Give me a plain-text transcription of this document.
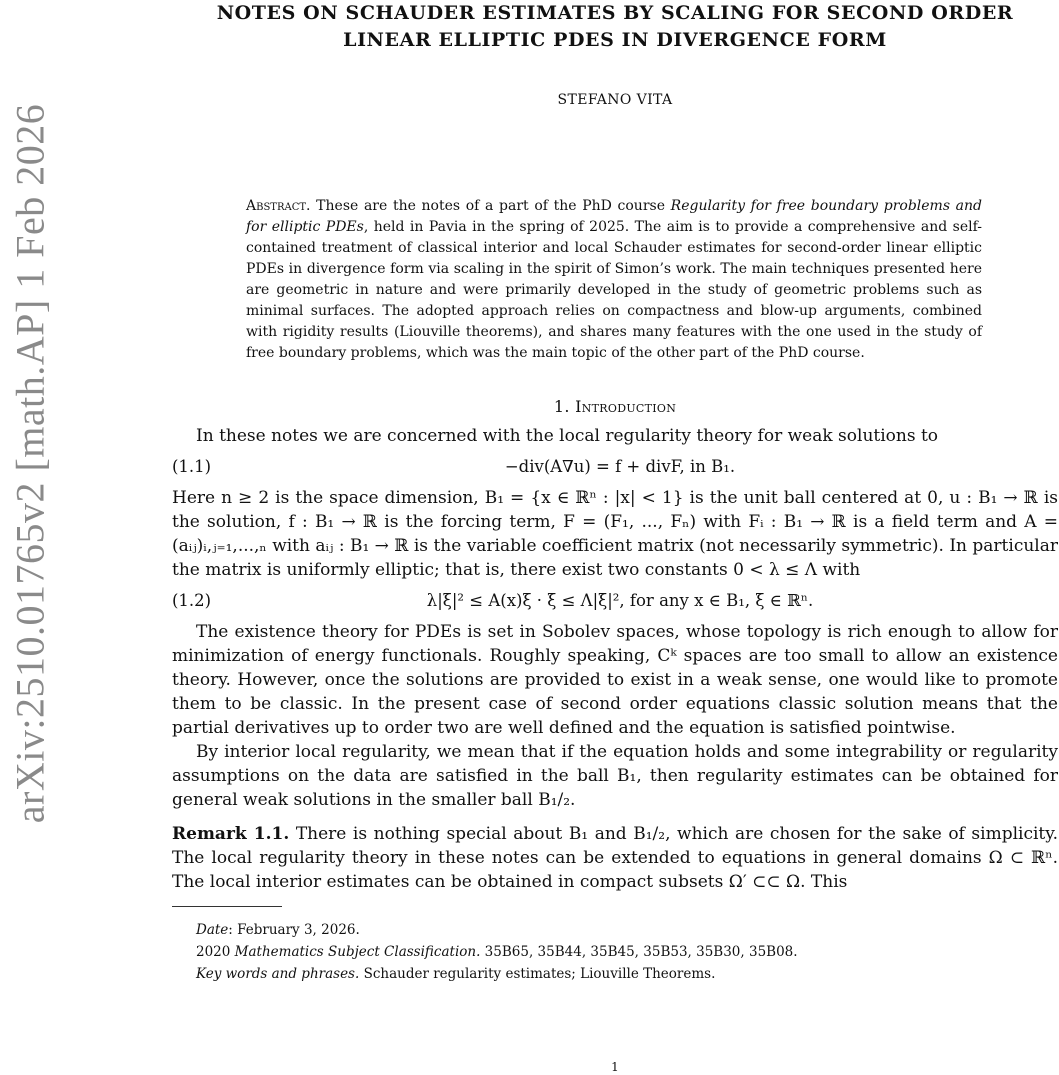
arXiv:2510.01765v2 [math.AP] 1 Feb 2026
NOTES ON SCHAUDER ESTIMATES BY SCALING FOR SECOND ORDER
LINEAR ELLIPTIC PDES IN DIVERGENCE FORM
STEFANO VITA
Abstract. These are the notes of a part of the PhD course Regularity for free boundary problems and for elliptic PDEs, held in Pavia in the spring of 2025. The aim is to provide a comprehensive and self-contained treatment of classical interior and local Schauder estimates for second-order linear elliptic PDEs in divergence form via scaling in the spirit of Simon’s work. The main techniques presented here are geometric in nature and were primarily developed in the study of geometric problems such as minimal surfaces. The adopted approach relies on compactness and blow-up arguments, combined with rigidity results (Liouville theorems), and shares many features with the one used in the study of free boundary problems, which was the main topic of the other part of the PhD course.
1. Introduction

In these notes we are concerned with the local regularity theory for weak solutions to

(1.1)	−div(A∇u) = f + divF, in B₁.

Here n ≥ 2 is the space dimension, B₁ = {x ∈ ℝⁿ : |x| < 1} is the unit ball centered at 0, u : B₁ → ℝ is the solution, f : B₁ → ℝ is the forcing term, F = (F₁, ..., Fₙ) with Fᵢ : B₁ → ℝ is a field term and A = (aᵢⱼ)ᵢ,ⱼ₌₁,...,ₙ with aᵢⱼ : B₁ → ℝ is the variable coefficient matrix (not necessarily symmetric). In particular the matrix is uniformly elliptic; that is, there exist two constants 0 < λ ≤ Λ with

(1.2)	λ|ξ|² ≤ A(x)ξ · ξ ≤ Λ|ξ|², for any x ∈ B₁, ξ ∈ ℝⁿ.

The existence theory for PDEs is set in Sobolev spaces, whose topology is rich enough to allow for minimization of energy functionals. Roughly speaking, Cᵏ spaces are too small to allow an existence theory. However, once the solutions are provided to exist in a weak sense, one would like to promote them to be classic. In the present case of second order equations classic solution means that the partial derivatives up to order two are well defined and the equation is satisfied pointwise.

By interior local regularity, we mean that if the equation holds and some integrability or regularity assumptions on the data are satisfied in the ball B₁, then regularity estimates can be obtained for general weak solutions in the smaller ball B₁/₂.

Remark 1.1. There is nothing special about B₁ and B₁/₂, which are chosen for the sake of simplicity. The local regularity theory in these notes can be extended to equations in general domains Ω ⊂ ℝⁿ. The local interior estimates can be obtained in compact subsets Ω′ ⊂⊂ Ω. This

Date: February 3, 2026.
2020 Mathematics Subject Classification. 35B65, 35B44, 35B45, 35B53, 35B30, 35B08.
Key words and phrases. Schauder regularity estimates; Liouville Theorems.
1
